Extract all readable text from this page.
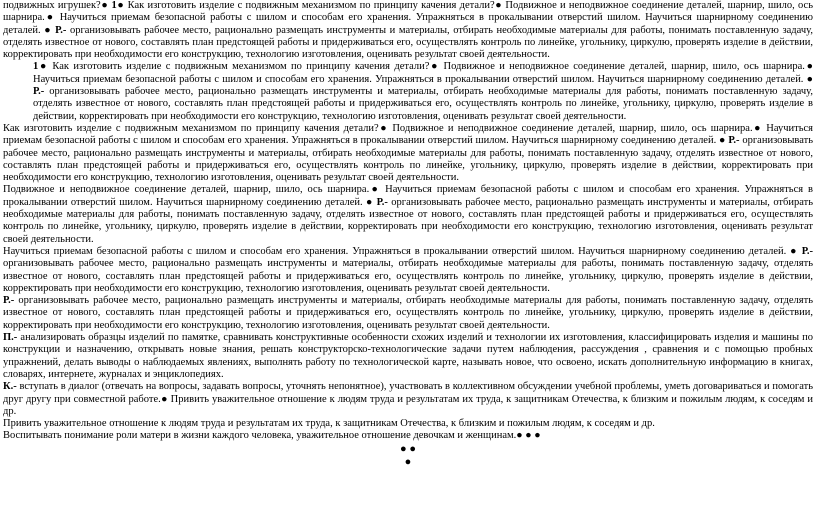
подвижных игрушек?● 1● Как изготовить изделие с подвижным механизмом по принципу качения детали?● Подвижное и неподвижное соединение деталей, шарнир, шило, ось шарнира.● Научиться приемам безопасной работы с шилом и способам его хранения. Упражняться в прокалывании отверстий шилом. Научиться шарнирному соединению деталей. ● Р.- организовывать рабочее место, рационально размещать инструменты и материалы, отбирать необходимые материалы для работы, понимать поставленную задачу, отделять известное от нового, составлять план предстоящей работы и придерживаться его, осуществлять контроль по линейке, угольнику, циркулю, проверять изделие в действии, корректировать при необходимости его конструкцию, технологию изготовления, оценивать результат своей деятельности.

1● Как изготовить изделие с подвижным механизмом по принципу качения детали?● Подвижное и неподвижное соединение деталей, шарнир, шило, ось шарнира.● Научиться приемам безопасной работы с шилом и способам его хранения. Упражняться в прокалывании отверстий шилом. Научиться шарнирному соединению деталей. ● Р.- организовывать рабочее место, рационально размещать инструменты и материалы, отбирать необходимые материалы для работы, понимать поставленную задачу, отделять известное от нового, составлять план предстоящей работы и придерживаться его, осуществлять контроль по линейке, угольнику, циркулю, проверять изделие в действии, корректировать при необходимости его конструкцию, технологию изготовления, оценивать результат своей деятельности.

Как изготовить изделие с подвижным механизмом по принципу качения детали?● Подвижное и неподвижное соединение деталей, шарнир, шило, ось шарнира.● Научиться приемам безопасной работы с шилом и способам его хранения. Упражняться в прокалывании отверстий шилом. Научиться шарнирному соединению деталей. ● Р.- организовывать рабочее место, рационально размещать инструменты и материалы, отбирать необходимые материалы для работы, понимать поставленную задачу, отделять известное от нового, составлять план предстоящей работы и придерживаться его, осуществлять контроль по линейке, угольнику, циркулю, проверять изделие в действии, корректировать при необходимости его конструкцию, технологию изготовления, оценивать результат своей деятельности.

Подвижное и неподвижное соединение деталей, шарнир, шило, ось шарнира.● Научиться приемам безопасной работы с шилом и способам его хранения. Упражняться в прокалывании отверстий шилом. Научиться шарнирному соединению деталей. ● Р.- организовывать рабочее место, рационально размещать инструменты и материалы, отбирать необходимые материалы для работы, понимать поставленную задачу, отделять известное от нового, составлять план предстоящей работы и придерживаться его, осуществлять контроль по линейке, угольнику, циркулю, проверять изделие в действии, корректировать при необходимости его конструкцию, технологию изготовления, оценивать результат своей деятельности.

Научиться приемам безопасной работы с шилом и способам его хранения. Упражняться в прокалывании отверстий шилом. Научиться шарнирному соединению деталей. ● Р.- организовывать рабочее место, рационально размещать инструменты и материалы, отбирать необходимые материалы для работы, понимать поставленную задачу, отделять известное от нового, составлять план предстоящей работы и придерживаться его, осуществлять контроль по линейке, угольнику, циркулю, проверять изделие в действии, корректировать при необходимости его конструкцию, технологию изготовления, оценивать результат своей деятельности.

Р.- организовывать рабочее место, рационально размещать инструменты и материалы, отбирать необходимые материалы для работы, понимать поставленную задачу, отделять известное от нового, составлять план предстоящей работы и придерживаться его, осуществлять контроль по линейке, угольнику, циркулю, проверять изделие в действии, корректировать при необходимости его конструкцию, технологию изготовления, оценивать результат своей деятельности.

П.- анализировать образцы изделий по памятке, сравнивать конструктивные особенности схожих изделий и технологии их изготовления, классифицировать изделия и машины по конструкции и назначению, открывать новые знания, решать конструкторско-технологические задачи путем наблюдения, рассуждения , сравнения и с помощью пробных упражнений, делать выводы о наблюдаемых явлениях, выполнять работу по технологической карте, называть новое, что освоено, искать дополнительную информацию в книгах, словарях, интернете, журналах и энциклопедиях.

К.- вступать в диалог (отвечать на вопросы, задавать вопросы, уточнять непонятное), участвовать в коллективном обсуждении учебной проблемы, уметь договариваться и помогать друг другу при совместной работе.● Привить уважительное отношение к людям труда и результатам их труда, к защитникам Отечества, к близким и пожилым людям, к соседям и др.

Привить уважительное отношение к людям труда и результатам их труда, к защитникам Отечества, к близким и пожилым людям, к соседям и др.

Воспитывать понимание роли матери в жизни каждого человека, уважительное отношение девочкам и женщинам.● ● ●

● ●
●
